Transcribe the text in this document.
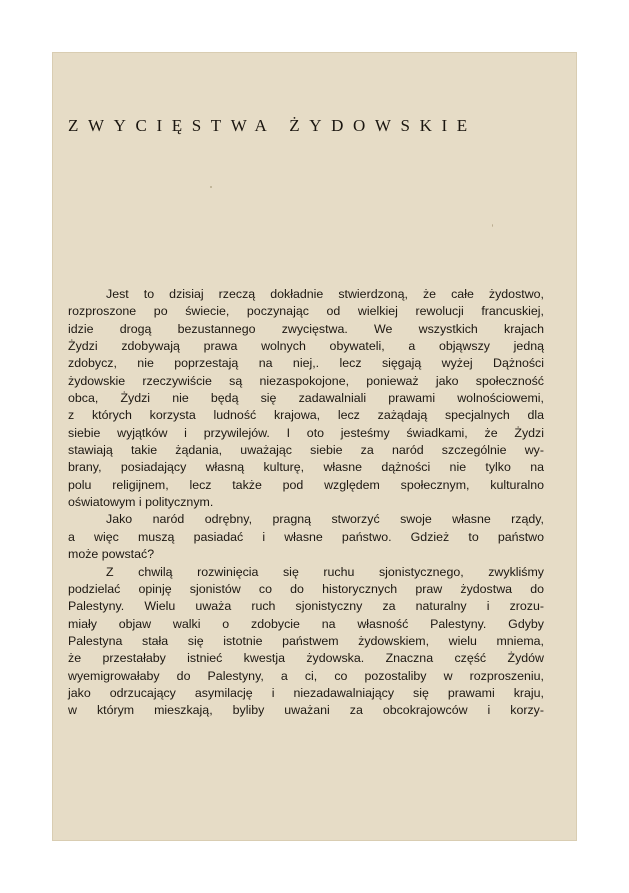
ZWYCIĘSTWA ŻYDOWSKIE
Jest to dzisiaj rzeczą dokładnie stwierdzoną, że całe żydostwo,
rozproszone po świecie, poczynając od wielkiej rewolucji francuskiej,
idzie drogą bezustannego zwycięstwa. We wszystkich krajach
Żydzi zdobywają prawa wolnych obywateli, a objąwszy jedną
zdobycz, nie poprzestają na niej,. lecz sięgają wyżej Dążności
żydowskie rzeczywiście są niezaspokojone, ponieważ jako społeczność
obca, Żydzi nie będą się zadawalniali prawami wolnościowemi,
z których korzysta ludność krajowa, lecz zażądają specjalnych dla
siebie wyjątków i przywilejów. I oto jesteśmy świadkami, że Żydzi
stawiają takie żądania, uważając siebie za naród szczególnie wy-
brany, posiadający własną kulturę, własne dążności nie tylko na
polu religijnem, lecz także pod względem społecznym, kulturalno
oświatowym i politycznym.
Jako naród odrębny, pragną stworzyć swoje własne rządy,
a więc muszą pasiadać i własne państwo. Gdzież to państwo
może powstać?
Z chwilą rozwinięcia się ruchu sjonistycznego, zwykliśmy
podzielać opinję sjonistów co do historycznych praw żydostwa do
Palestyny. Wielu uważa ruch sjonistyczny za naturalny i zrozu-
miały objaw walki o zdobycie na własność Palestyny. Gdyby
Palestyna stała się istotnie państwem żydowskiem, wielu mniema,
że przestałaby istnieć kwestja żydowska. Znaczna część Żydów
wyemigrowałaby do Palestyny, a ci, co pozostaliby w rozproszeniu,
jako odrzucający asymilację i niezadawalniający się prawami kraju,
w którym mieszkają, byliby uważani za obcokrajowców i korzy-
